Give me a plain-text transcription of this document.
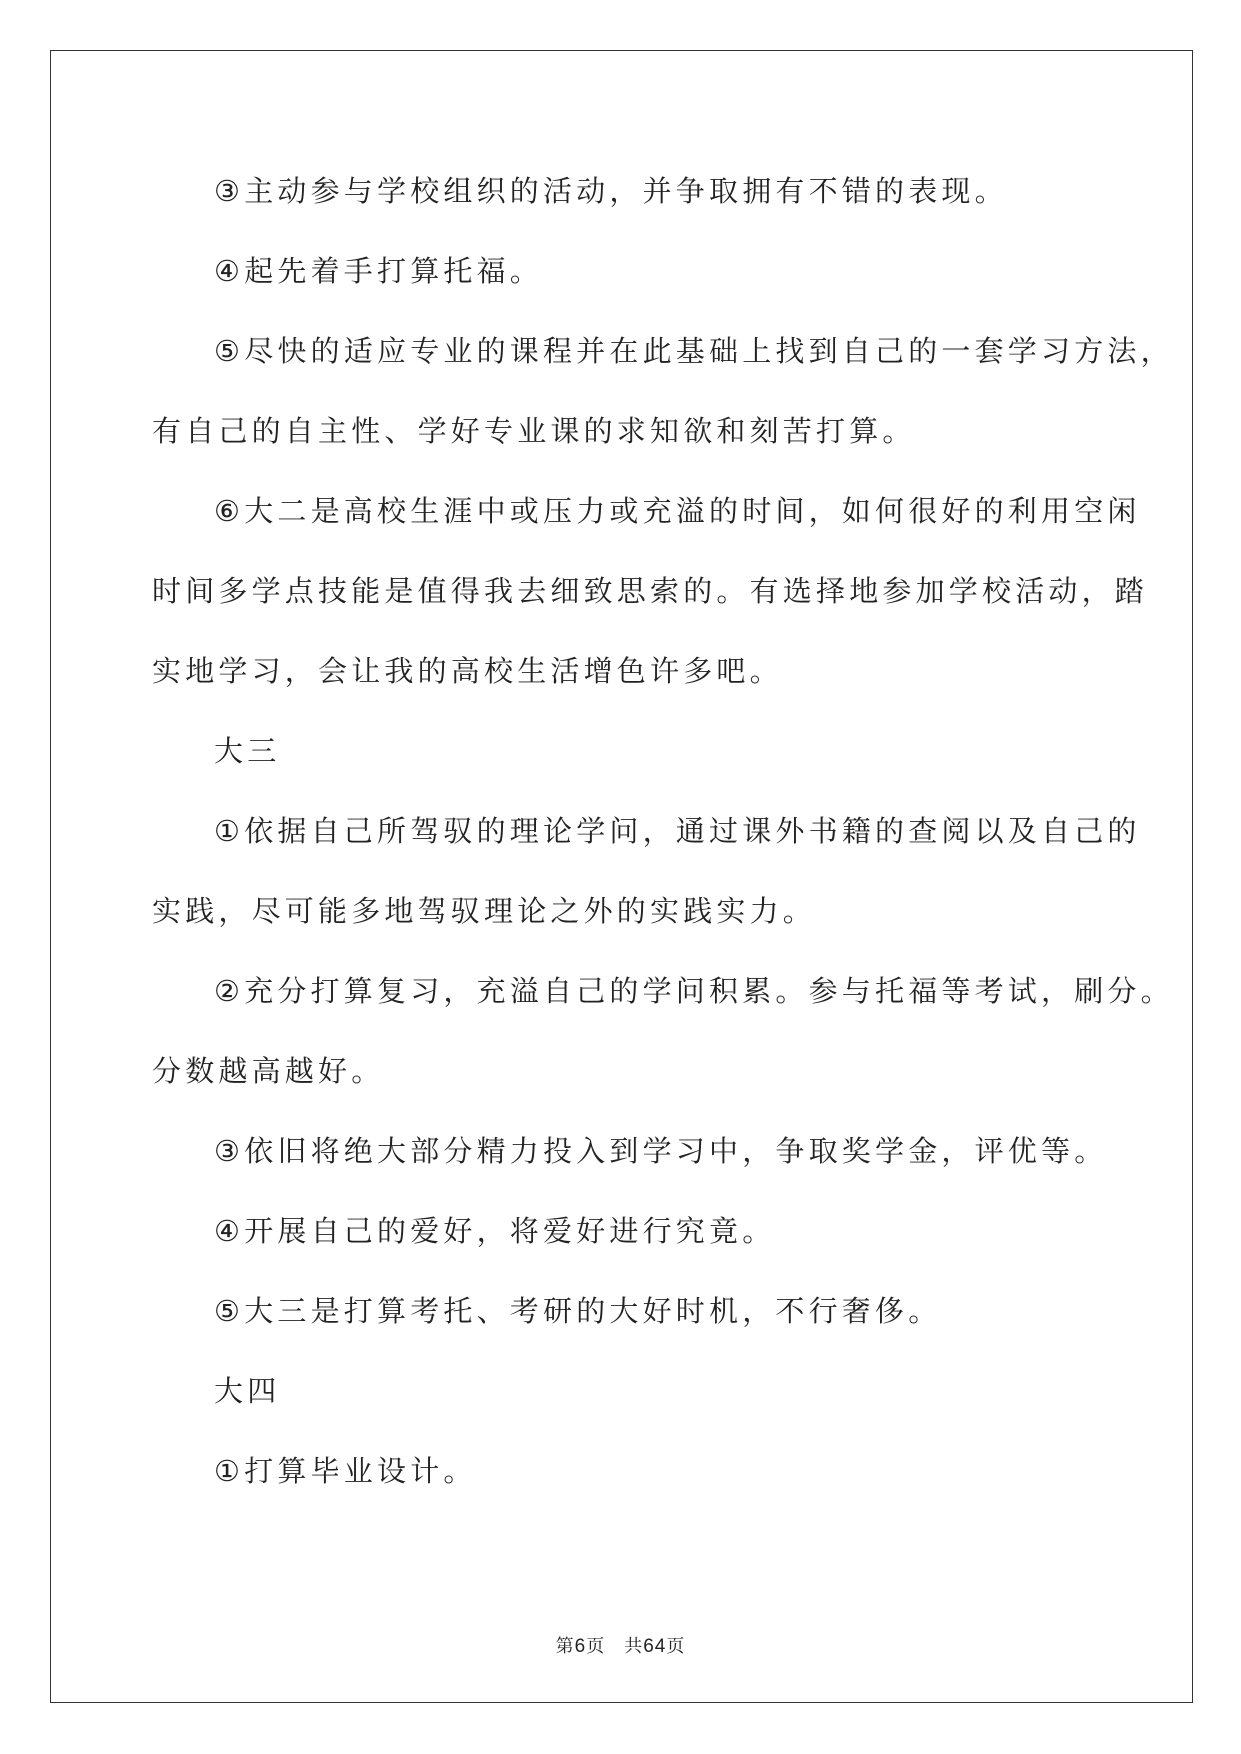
③主动参与学校组织的活动，并争取拥有不错的表现。

④起先着手打算托福。

⑤尽快的适应专业的课程并在此基础上找到自己的一套学习方法，

有自己的自主性、学好专业课的求知欲和刻苦打算。

⑥大二是高校生涯中或压力或充溢的时间，如何很好的利用空闲

时间多学点技能是值得我去细致思索的。有选择地参加学校活动，踏

实地学习，会让我的高校生活增色许多吧。

大三

①依据自己所驾驭的理论学问，通过课外书籍的查阅以及自己的

实践，尽可能多地驾驭理论之外的实践实力。

②充分打算复习，充溢自己的学问积累。参与托福等考试，刷分。

分数越高越好。

③依旧将绝大部分精力投入到学习中，争取奖学金，评优等。

④开展自己的爱好，将爱好进行究竟。

⑤大三是打算考托、考研的大好时机，不行奢侈。

大四

①打算毕业设计。

第6页　共64页
